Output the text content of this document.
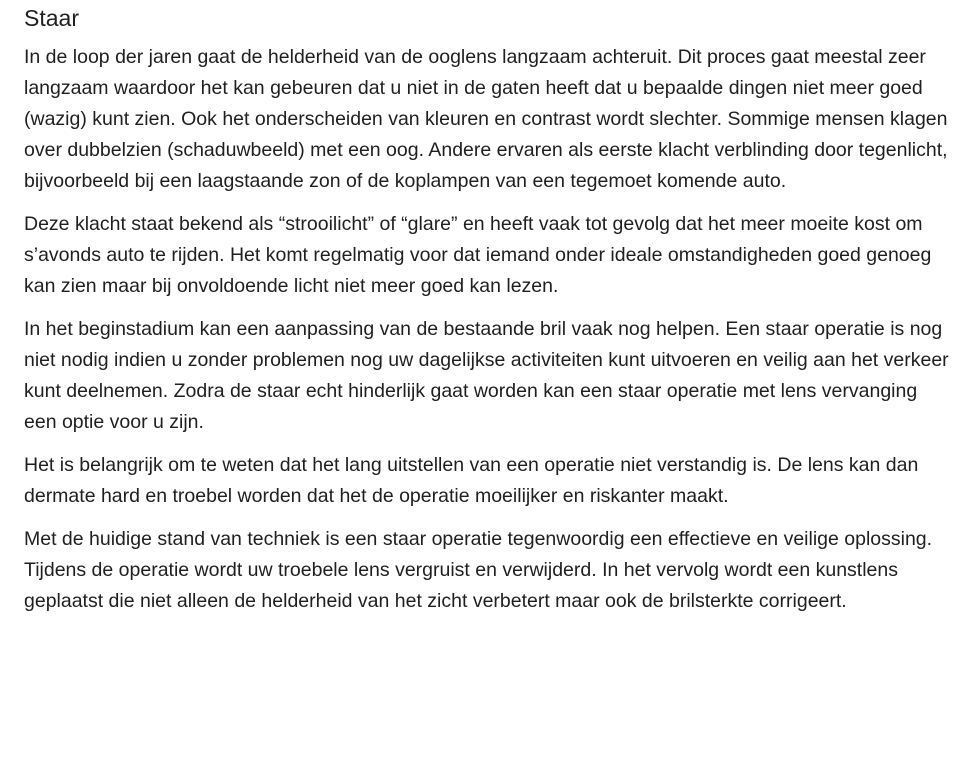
Staar

In de loop der jaren gaat de helderheid van de ooglens langzaam achteruit. Dit proces gaat meestal zeer langzaam waardoor het kan gebeuren dat u niet in de gaten heeft dat u bepaalde dingen niet meer goed (wazig) kunt zien. Ook het onderscheiden van kleuren en contrast wordt slechter. Sommige mensen klagen over dubbelzien (schaduwbeeld) met een oog. Andere ervaren als eerste klacht verblinding door tegenlicht, bijvoorbeeld bij een laagstaande zon of de koplampen van een tegemoet komende auto.

Deze klacht staat bekend als “strooilicht” of “glare” en heeft vaak tot gevolg dat het meer moeite kost om s’avonds auto te rijden. Het komt regelmatig voor dat iemand onder ideale omstandigheden goed genoeg kan zien maar bij onvoldoende licht niet meer goed kan lezen.

In het beginstadium kan een aanpassing van de bestaande bril vaak nog helpen. Een staar operatie is nog niet nodig indien u zonder problemen nog uw dagelijkse activiteiten kunt uitvoeren en veilig aan het verkeer kunt deelnemen. Zodra de staar echt hinderlijk gaat worden kan een staar operatie met lens vervanging een optie voor u zijn.

Het is belangrijk om te weten dat het lang uitstellen van een operatie niet verstandig is. De lens kan dan dermate hard en troebel worden dat het de operatie moeilijker en riskanter maakt.

Met de huidige stand van techniek is een staar operatie tegenwoordig een effectieve en veilige oplossing. Tijdens de operatie wordt uw troebele lens vergruist en verwijderd. In het vervolg wordt een kunstlens geplaatst die niet alleen de helderheid van het zicht verbetert maar ook de brilsterkte corrigeert.
